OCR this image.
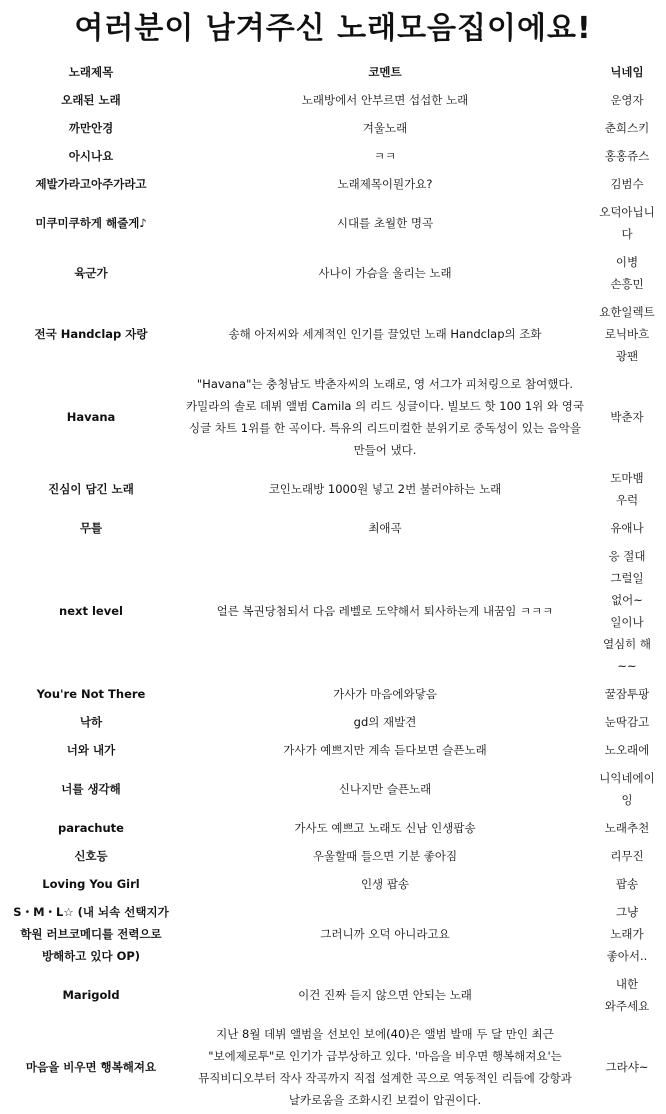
여러분이 남겨주신 노래모음집이에요!
노래제목	코멘트	닉네임
오래된 노래	노래방에서 안부르면 섭섭한 노래	운영자
까만안경	겨울노래	춘희스키
아시나요	ㅋㅋ	홍홍쥬스
제발가라고아주가라고	노래제목이뭔가요?	김범수
미쿠미쿠하게 해줄게♪	시대를 초월한 명곡	오덕아닙니다
육군가	사나이 가슴을 울리는 노래	이병 손흥민
전국 Handclap 자랑	송해 아저씨와 세계적인 인기를 끌었던 노래 Handclap의 조화	요한일렉트로닉바흐 광팬
Havana	"Havana"는 충청남도 박춘자씨의 노래로, 영 서그가 피처링으로 참여했다. 카밀라의 솔로 데뷔 앨범 Camila 의 리드 싱글이다. 빌보드 핫 100 1위 와 영국 싱글 차트 1위를 한 곡이다. 특유의 리드미컬한 분위기로 중독성이 있는 음악을 만들어 냈다.	박춘자
진심이 담긴 노래	코인노래방 1000원 넣고 2번 불러야하는 노래	도마뱀 우럭
무틀	최애곡	유애나
next level	얼른 복권당첨되서 다음 레벨로 도약해서 퇴사하는게 내꿈임 ㅋㅋㅋ	응 절대 그럴일 없어~ 일이나 열심히 해~~
You're Not There	가사가 마음에와닿음	꿀잠투팡
낙하	gd의 재발견	눈딱감고
너와 내가	가사가 예쁘지만 계속 듣다보면 슬픈노래	노오래에
너를 생각해	신나지만 슬픈노래	니익네에이잉
parachute	가사도 예쁘고 노래도 신남 인생팝송	노래추천
신호등	우울할때 들으면 기분 좋아짐	리무진
Loving You Girl	인생 팝송	팝송
S・M・L☆ (내 뇌속 선택지가 학원 러브코메디를 전력으로 방해하고 있다 OP)	그러니까 오덕 아니라고요	그냥 노래가 좋아서..
Marigold	이건 진짜 듣지 않으면 안되는 노래	내한 와주세요
마음을 비우면 행복해져요	지난 8월 데뷔 앨범을 선보인 보에(40)은 앨범 발매 두 달 만인 최근 "보에제로투"로 인기가 급부상하고 있다. '마음을 비우면 행복해져요'는 뮤직비디오부터 작사 작곡까지 직접 설계한 곡으로 역동적인 리듬에 강항과 날카로움을 조화시킨 보컬이 압권이다.	그라샤~
